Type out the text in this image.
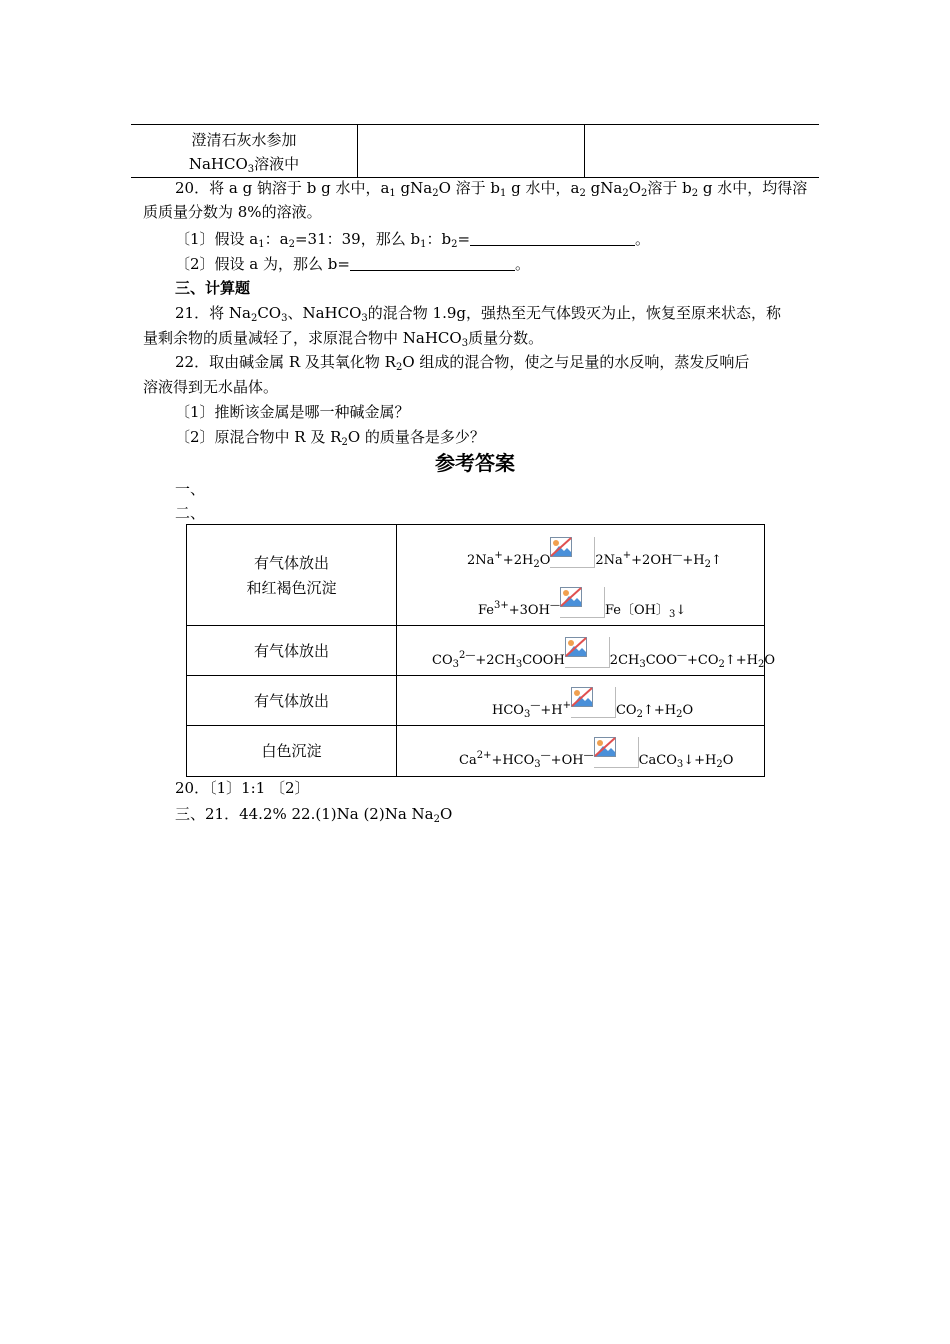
澄清石灰水参加
NaHCO$_3$溶液中
20．将 a g 钠溶于 b g 水中，$a_1$ gNa$_2$O 溶于 $b_1$ g 水中，$a_2$ $gNa_2O_2$溶于 $b_2$ g 水中，均得溶
质质量分数为 8%的溶液。
〔1〕假设 $a_1$：$a_2=31$：39，那么 $b_1$：$b_2=$	。
〔2〕假设 a 为，那么 b=	。
三、计算题
21．将 $Na_2CO_3$、NaHCO$_3$的混合物 1.9g，强热至无气体毁灭为止，恢复至原来状态，称
量剩余物的质量减轻了，求原混合物中 NaHCO$_3$质量分数。
22．取由碱金属 R 及其氧化物 $R_2O$ 组成的混合物，使之与足量的水反响，蒸发反响后
溶液得到无水晶体。
〔1〕推断该金属是哪一种碱金属？
〔2〕原混合物中 R 及 $R_2O$ 的质量各是多少？
参考答案
一、
二、
有气体放出
和红褐色沉淀
$2Na^++2H_2O$	$2Na^++2OH^—+H_2↑$
$Fe^{3+}+3OH^—$	Fe〔OH〕$_3$↓
有气体放出
$CO_3^{2—}+2CH_3COOH$	$2CH_3COO^—+CO_2↑+H_2O$
有气体放出
$HCO_3^—+H^+$	$CO_2↑+H_2O$
白色沉淀
$Ca^{2+}+HCO_3^—+OH^—$	$CaCO_3↓+H_2O$
20．〔1〕1:1 〔2〕
三、21．44.2% 22.(1)Na (2)Na $Na_2O$
